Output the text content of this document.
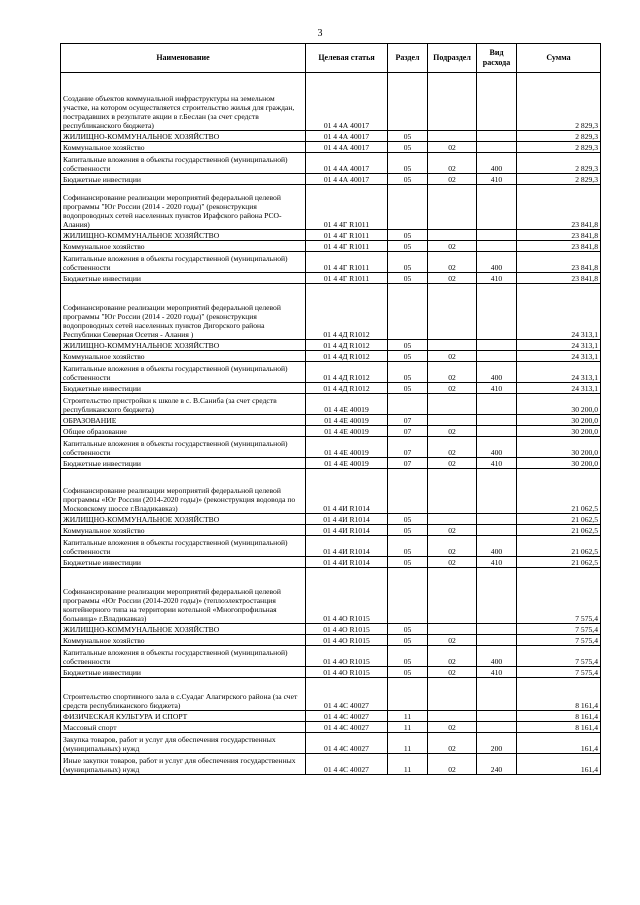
3
Наименование	Целевая статья	Раздел	Подраздел	Вид расхода	Сумма
Создание объектов коммунальной инфраструктуры на земельном участке, на котором осуществляется строительство жилья для граждан, пострадавших в результате акции в г.Беслан (за счет средств республиканского бюджета)	01 4 4А 40017				2 829,3
ЖИЛИЩНО-КОММУНАЛЬНОЕ ХОЗЯЙСТВО	01 4 4А 40017	05			2 829,3
Коммунальное хозяйство	01 4 4А 40017	05	02		2 829,3
Капитальные вложения в объекты государственной (муниципальной) собственности	01 4 4А 40017	05	02	400	2 829,3
Бюджетные инвестиции	01 4 4А 40017	05	02	410	2 829,3
Софинансирование реализации мероприятий федеральной целевой программы "Юг России (2014 - 2020 годы)" (реконструкция водопроводных сетей населенных пунктов Ирафского района РСО-Алания)	01 4 4Г R1011				23 841,8
ЖИЛИЩНО-КОММУНАЛЬНОЕ ХОЗЯЙСТВО	01 4 4Г R1011	05			23 841,8
Коммунальное хозяйство	01 4 4Г R1011	05	02		23 841,8
Капитальные вложения в объекты государственной (муниципальной) собственности	01 4 4Г R1011	05	02	400	23 841,8
Бюджетные инвестиции	01 4 4Г R1011	05	02	410	23 841,8
Софинансирование реализации мероприятий федеральной целевой программы "Юг России (2014 - 2020 годы)" (реконструкция водопроводных сетей населенных пунктов Дигорского района Республики Северная Осетия - Алания )	01 4 4Д R1012				24 313,1
ЖИЛИЩНО-КОММУНАЛЬНОЕ ХОЗЯЙСТВО	01 4 4Д R1012	05			24 313,1
Коммунальное хозяйство	01 4 4Д R1012	05	02		24 313,1
Капитальные вложения в объекты государственной (муниципальной) собственности	01 4 4Д R1012	05	02	400	24 313,1
Бюджетные инвестиции	01 4 4Д R1012	05	02	410	24 313,1
Строительство пристройки к школе в с. В.Саниба (за счет средств республиканского бюджета)	01 4 4Е 40019				30 200,0
ОБРАЗОВАНИЕ	01 4 4Е 40019	07			30 200,0
Общее образование	01 4 4Е 40019	07	02		30 200,0
Капитальные вложения в объекты государственной (муниципальной) собственности	01 4 4Е 40019	07	02	400	30 200,0
Бюджетные инвестиции	01 4 4Е 40019	07	02	410	30 200,0
Софинансирование реализации мероприятий федеральной целевой программы «Юг России (2014-2020 годы)» (реконструкция водовода по Московскому шоссе г.Владикавказ)	01 4 4И R1014				21 062,5
ЖИЛИЩНО-КОММУНАЛЬНОЕ ХОЗЯЙСТВО	01 4 4И R1014	05			21 062,5
Коммунальное хозяйство	01 4 4И R1014	05	02		21 062,5
Капитальные вложения в объекты государственной (муниципальной) собственности	01 4 4И R1014	05	02	400	21 062,5
Бюджетные инвестиции	01 4 4И R1014	05	02	410	21 062,5
Софинансирование реализации мероприятий федеральной целевой программы «Юг России (2014-2020 годы)» (теплоэлектростанция контейнерного типа на территории котельной «Многопрофильная больница» г.Владикавказ)	01 4 4О R1015				7 575,4
ЖИЛИЩНО-КОММУНАЛЬНОЕ ХОЗЯЙСТВО	01 4 4О R1015	05			7 575,4
Коммунальное хозяйство	01 4 4О R1015	05	02		7 575,4
Капитальные вложения в объекты государственной (муниципальной) собственности	01 4 4О R1015	05	02	400	7 575,4
Бюджетные инвестиции	01 4 4О R1015	05	02	410	7 575,4
Строительство спортивного зала в с.Суадаг Алагирского района (за счет средств республиканского бюджета)	01 4 4С 40027				8 161,4
ФИЗИЧЕСКАЯ КУЛЬТУРА И СПОРТ	01 4 4С 40027	11			8 161,4
Массовый спорт	01 4 4С 40027	11	02		8 161,4
Закупка товаров, работ и услуг для обеспечения государственных (муниципальных) нужд	01 4 4С 40027	11	02	200	161,4
Иные закупки товаров, работ и услуг для обеспечения государственных (муниципальных) нужд	01 4 4С 40027	11	02	240	161,4
